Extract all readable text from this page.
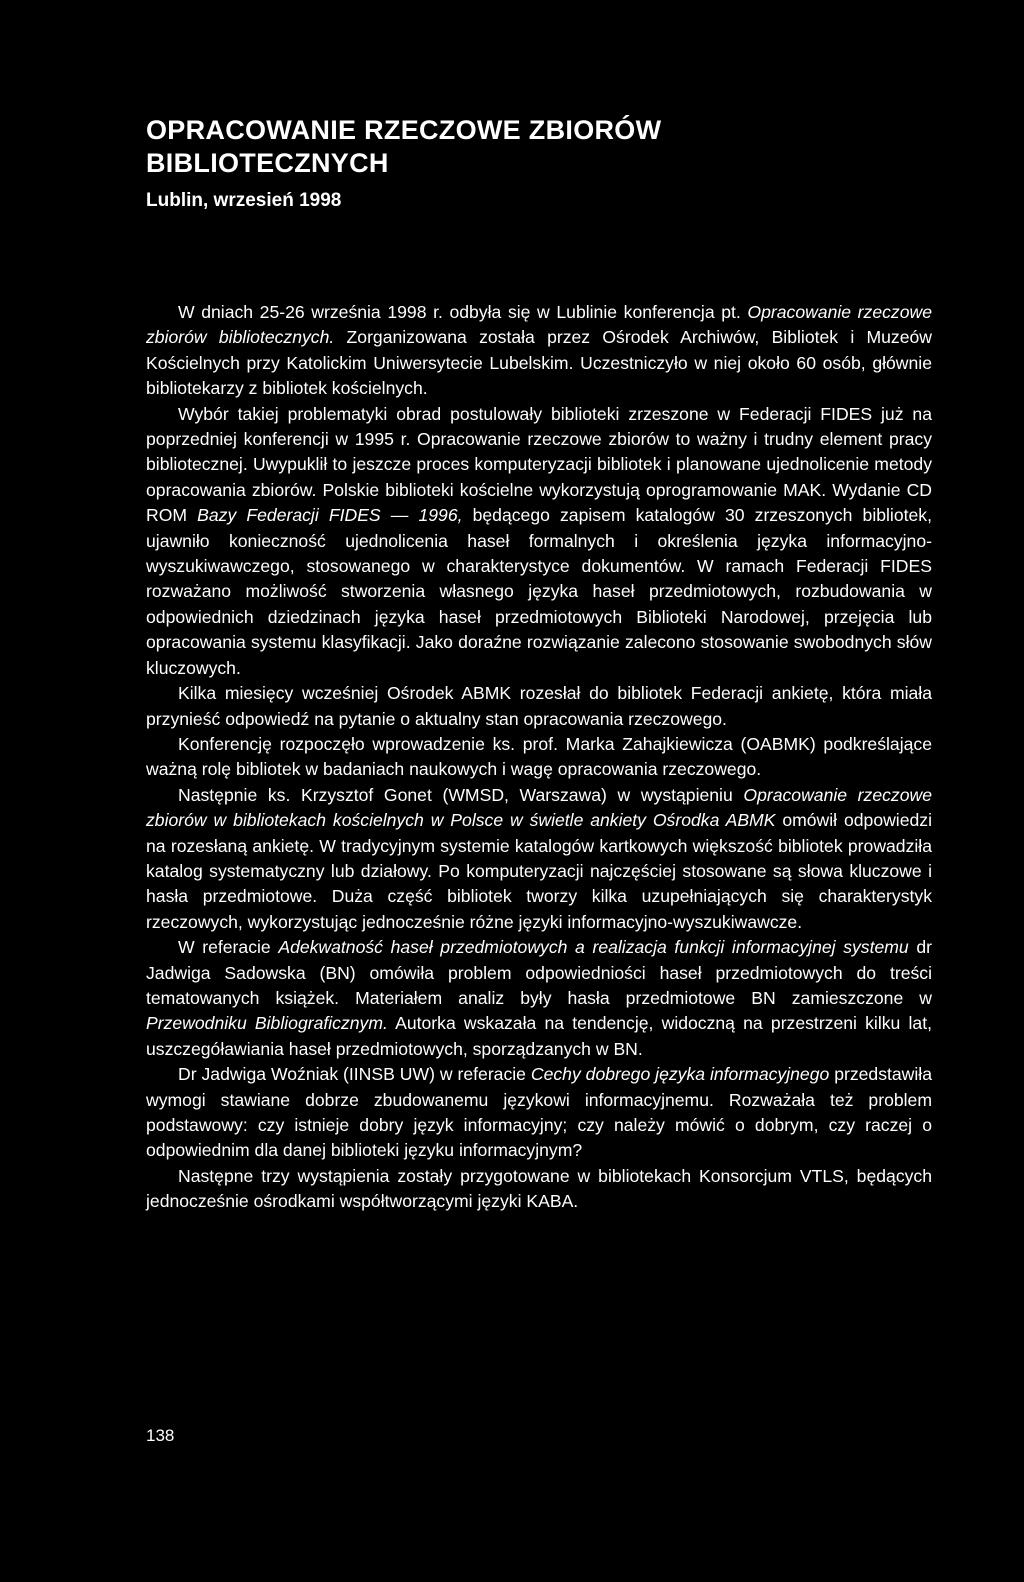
OPRACOWANIE RZECZOWE ZBIORÓW
BIBLIOTECZNYCH
Lublin, wrzesień 1998

W dniach 25-26 września 1998 r. odbyła się w Lublinie konferencja pt. Opracowanie rzeczowe zbiorów bibliotecznych. Zorganizowana została przez Ośrodek Archiwów, Bibliotek i Muzeów Kościelnych przy Katolickim Uniwersytecie Lubelskim. Uczestniczyło w niej około 60 osób, głównie bibliotekarzy z bibliotek kościelnych.

Wybór takiej problematyki obrad postulowały biblioteki zrzeszone w Federacji FIDES już na poprzedniej konferencji w 1995 r. Opracowanie rzeczowe zbiorów to ważny i trudny element pracy bibliotecznej. Uwypuklił to jeszcze proces komputeryzacji bibliotek i planowane ujednolicenie metody opracowania zbiorów. Polskie biblioteki kościelne wykorzystują oprogramowanie MAK. Wydanie CD ROM Bazy Federacji FIDES — 1996, będącego zapisem katalogów 30 zrzeszonych bibliotek, ujawniło konieczność ujednolicenia haseł formalnych i określenia języka informacyjno-wyszukiwawczego, stosowanego w charakterystyce dokumentów. W ramach Federacji FIDES rozważano możliwość stworzenia własnego języka haseł przedmiotowych, rozbudowania w odpowiednich dziedzinach języka haseł przedmiotowych Biblioteki Narodowej, przejęcia lub opracowania systemu klasyfikacji. Jako doraźne rozwiązanie zalecono stosowanie swobodnych słów kluczowych.

Kilka miesięcy wcześniej Ośrodek ABMK rozesłał do bibliotek Federacji ankietę, która miała przynieść odpowiedź na pytanie o aktualny stan opracowania rzeczowego.

Konferencję rozpoczęło wprowadzenie ks. prof. Marka Zahajkiewicza (OABMK) podkreślające ważną rolę bibliotek w badaniach naukowych i wagę opracowania rzeczowego.

Następnie ks. Krzysztof Gonet (WMSD, Warszawa) w wystąpieniu Opracowanie rzeczowe zbiorów w bibliotekach kościelnych w Polsce w świetle ankiety Ośrodka ABMK omówił odpowiedzi na rozesłaną ankietę. W tradycyjnym systemie katalogów kartkowych większość bibliotek prowadziła katalog systematyczny lub działowy. Po komputeryzacji najczęściej stosowane są słowa kluczowe i hasła przedmiotowe. Duża część bibliotek tworzy kilka uzupełniających się charakterystyk rzeczowych, wykorzystując jednocześnie różne języki informacyjno-wyszukiwawcze.

W referacie Adekwatność haseł przedmiotowych a realizacja funkcji informacyjnej systemu dr Jadwiga Sadowska (BN) omówiła problem odpowiedniości haseł przedmiotowych do treści tematowanych książek. Materiałem analiz były hasła przedmiotowe BN zamieszczone w Przewodniku Bibliograficznym. Autorka wskazała na tendencję, widoczną na przestrzeni kilku lat, uszczegóławiania haseł przedmiotowych, sporządzanych w BN.

Dr Jadwiga Woźniak (IINSB UW) w referacie Cechy dobrego języka informacyjnego przedstawiła wymogi stawiane dobrze zbudowanemu językowi informacyjnemu. Rozważała też problem podstawowy: czy istnieje dobry język informacyjny; czy należy mówić o dobrym, czy raczej o odpowiednim dla danej biblioteki języku informacyjnym?

Następne trzy wystąpienia zostały przygotowane w bibliotekach Konsorcjum VTLS, będących jednocześnie ośrodkami współtworzącymi języki KABA.

138
